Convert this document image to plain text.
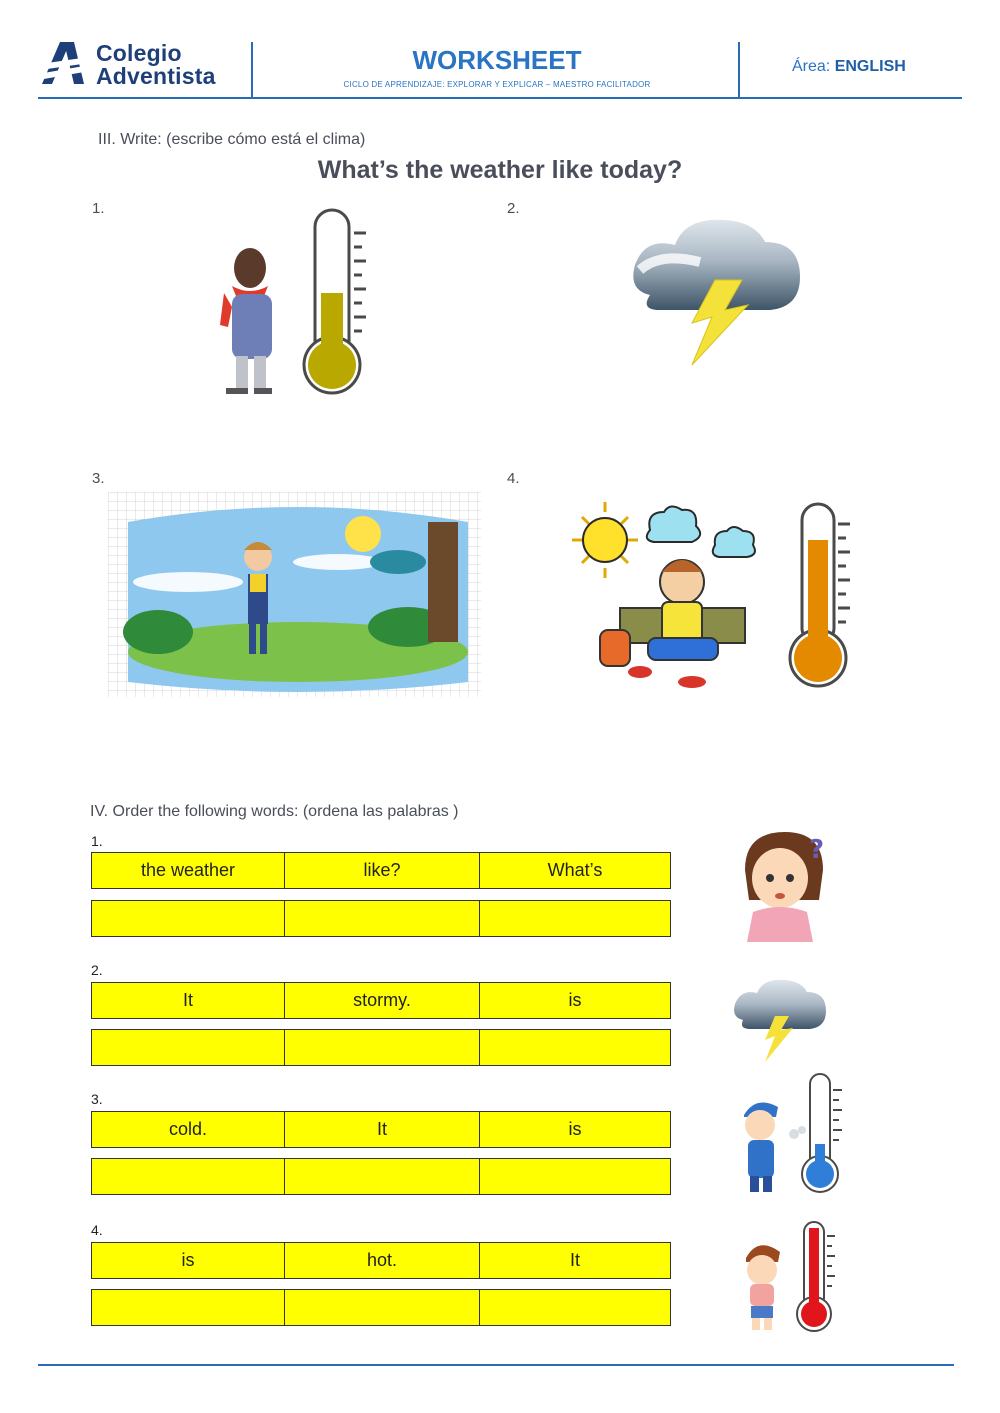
Colegio
Adventista
WORKSHEET
CICLO DE APRENDIZAJE: EXPLORAR Y EXPLICAR – MAESTRO FACILITADOR
Área: ENGLISH
III. Write: (escribe cómo está el clima)
What’s the weather like today?
1.	2.
3.	4.
IV. Order the following words: (ordena las palabras )
1.
the weather	like?	What’s
2.
It	stormy.	is
3.
cold.	It	is
4.
is	hot.	It
?
